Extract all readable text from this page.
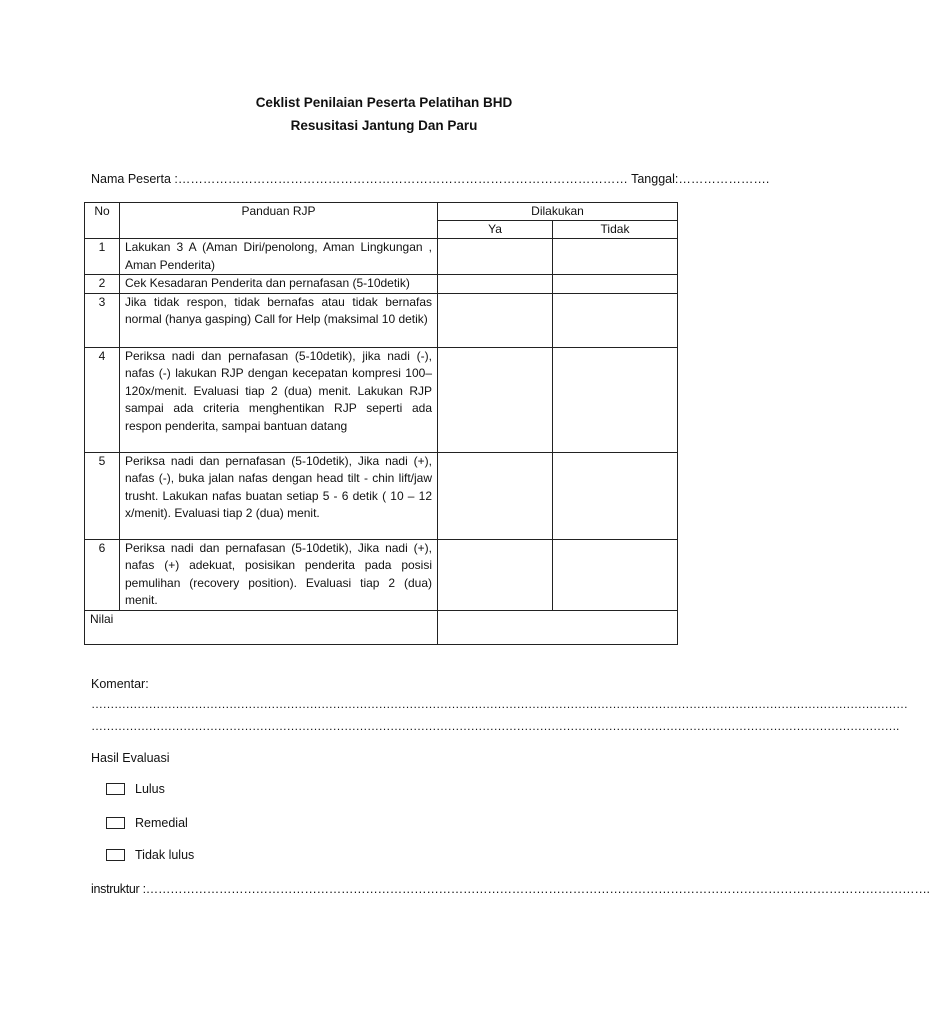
Ceklist Penilaian Peserta Pelatihan BHD
Resusitasi Jantung Dan Paru
Nama Peserta :……………………………………………………………………………………………… Tanggal:………………….
No	Panduan RJP	Dilakukan	
		Ya	Tidak
1	Lakukan 3 A (Aman Diri/penolong, Aman Lingkungan , Aman Penderita)		
2	Cek Kesadaran Penderita dan pernafasan (5-10detik)		
3	Jika tidak respon, tidak bernafas atau tidak bernafas normal (hanya gasping) Call for Help (maksimal 10 detik)		
4	Periksa nadi dan pernafasan (5-10detik), jika nadi (-), nafas (-) lakukan RJP dengan kecepatan kompresi 100–120x/menit. Evaluasi tiap 2 (dua) menit. Lakukan RJP sampai ada criteria menghentikan RJP seperti ada respon penderita, sampai bantuan datang		
5	Periksa nadi dan pernafasan (5-10detik), Jika nadi (+), nafas (-), buka jalan nafas dengan head tilt - chin lift/jaw trusht. Lakukan nafas buatan setiap 5 - 6 detik ( 10 – 12 x/menit). Evaluasi tiap 2 (dua) menit.		
6	Periksa nadi dan pernafasan (5-10detik), Jika nadi (+), nafas (+) adekuat, posisikan penderita pada posisi pemulihan (recovery position). Evaluasi tiap 2 (dua) menit.		
Nilai			
Komentar:
……………………………………………………………………………………………………………………………………………………………………………………………
………………………………………………………………………………………………………………………………………………………………………………………….
Hasil Evaluasi
Lulus
Remedial
Tidak lulus
instruktur :………………………………………………………………………………………………………………………………………………………………………….
